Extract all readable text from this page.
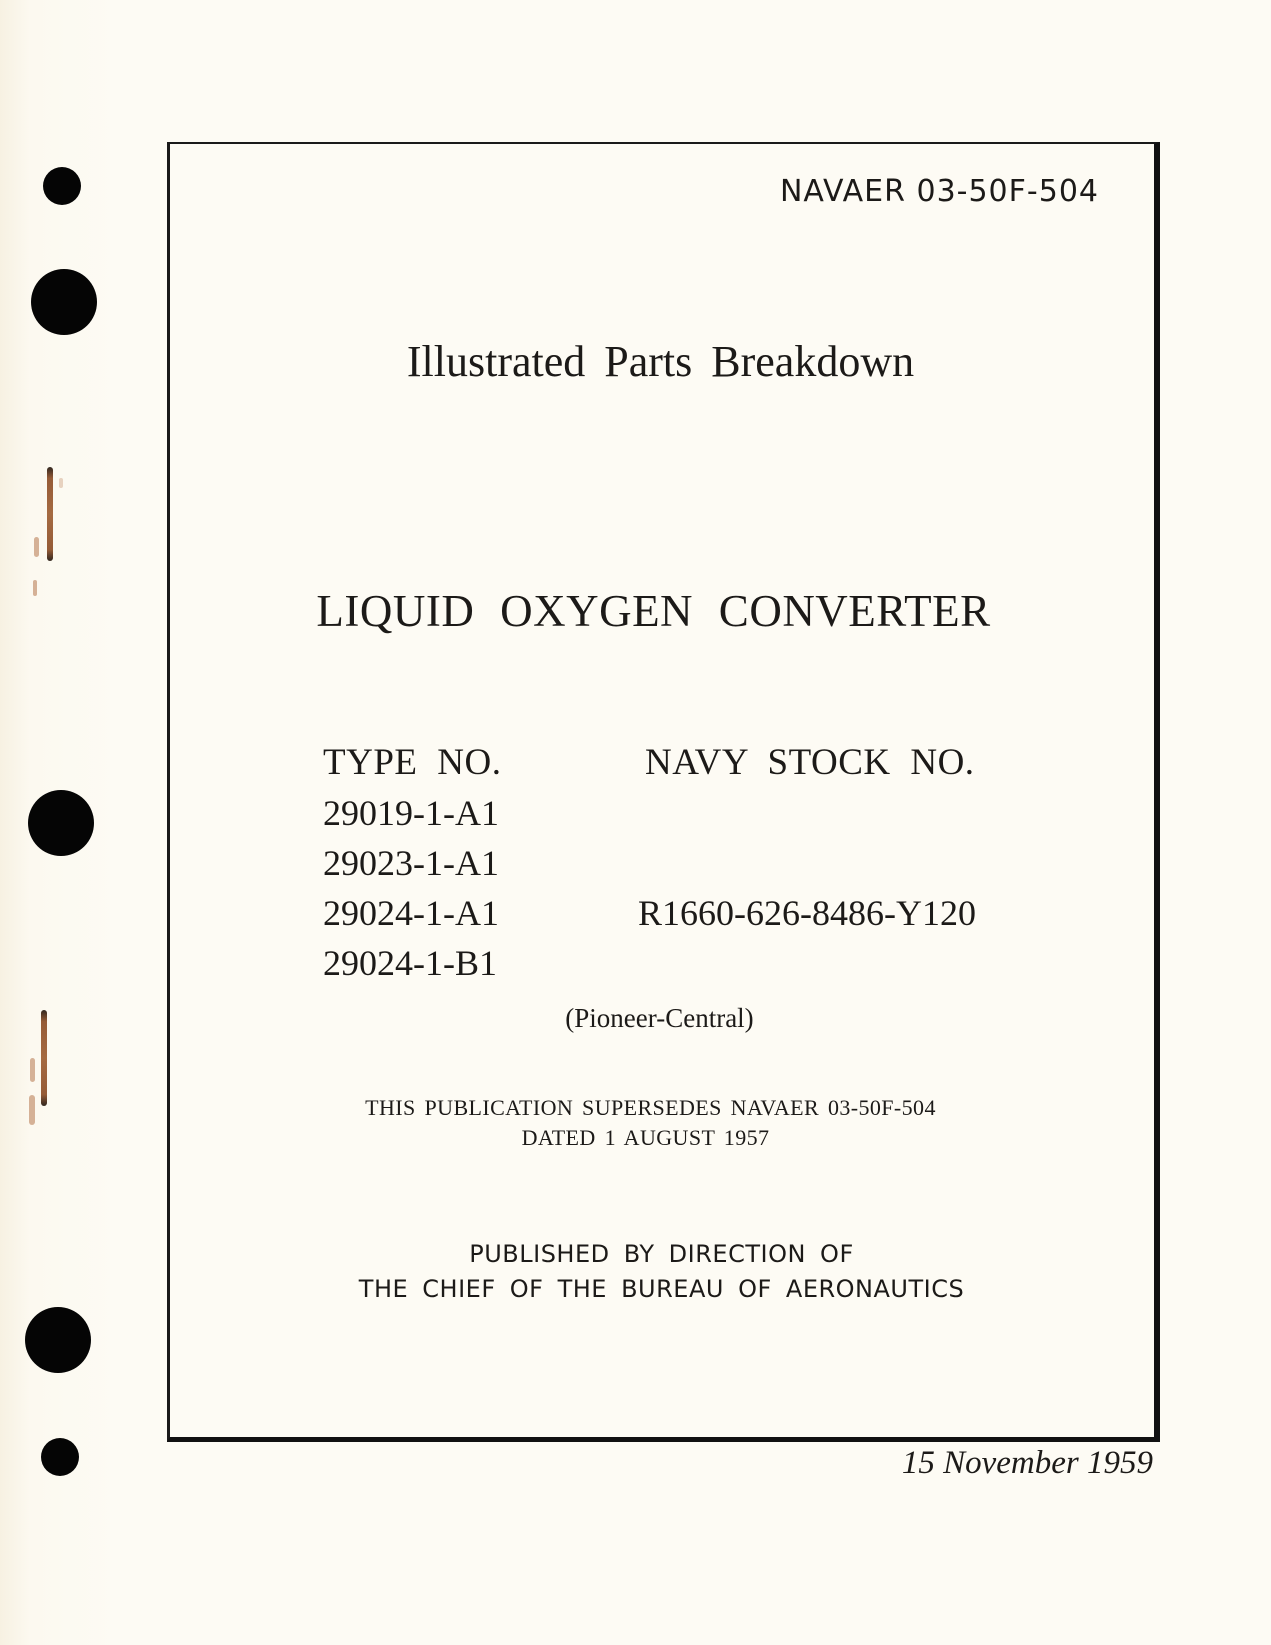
NAVAER 03-50F-504
Illustrated Parts Breakdown
LIQUID OXYGEN CONVERTER
TYPE NO.
29019-1-A1
29023-1-A1
29024-1-A1
29024-1-B1
NAVY STOCK NO.
R1660-626-8486-Y120
(Pioneer-Central)
THIS PUBLICATION SUPERSEDES NAVAER 03-50F-504
DATED 1 AUGUST 1957
PUBLISHED BY DIRECTION OF
THE CHIEF OF THE BUREAU OF AERONAUTICS
15 November 1959
